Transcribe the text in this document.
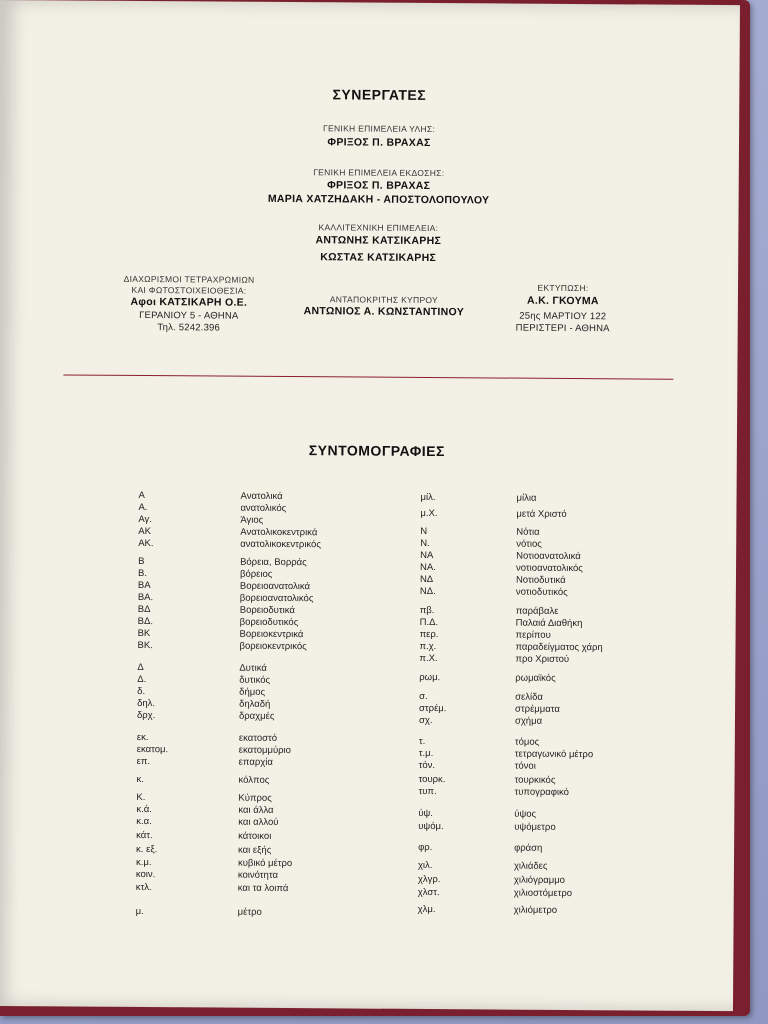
ΣΥΝΕΡΓΑΤΕΣ
ΓΕΝΙΚΗ ΕΠΙΜΕΛΕΙΑ ΥΛΗΣ:
ΦΡΙΞΟΣ Π. ΒΡΑΧΑΣ
ΓΕΝΙΚΗ ΕΠΙΜΕΛΕΙΑ ΕΚΔΟΣΗΣ:
ΦΡΙΞΟΣ Π. ΒΡΑΧΑΣ
ΜΑΡΙΑ ΧΑΤΖΗΔΑΚΗ - ΑΠΟΣΤΟΛΟΠΟΥΛΟΥ
ΚΑΛΛΙΤΕΧΝΙΚΗ ΕΠΙΜΕΛΕΙΑ:
ΑΝΤΩΝΗΣ ΚΑΤΣΙΚΑΡΗΣ
ΚΩΣΤΑΣ ΚΑΤΣΙΚΑΡΗΣ
ΔΙΑΧΩΡΙΣΜΟΙ ΤΕΤΡΑΧΡΩΜΙΩΝ
ΚΑΙ ΦΩΤΟΣΤΟΙΧΕΙΟΘΕΣΙΑ:
Αφοι ΚΑΤΣΙΚΑΡΗ Ο.Ε.
ΓΕΡΑΝΙΟΥ 5 - ΑΘΗΝΑ
Τηλ. 5242.396
ΑΝΤΑΠΟΚΡΙΤΗΣ ΚΥΠΡΟΥ
ΑΝΤΩΝΙΟΣ Α. ΚΩΝΣΤΑΝΤΙΝΟΥ
ΕΚΤΥΠΩΣΗ:
Α.Κ. ΓΚΟΥΜΑ
25ης ΜΑΡΤΙΟΥ 122
ΠΕΡΙΣΤΕΡΙ - ΑΘΗΝΑ
ΣΥΝΤΟΜΟΓΡΑΦΙΕΣ
Α	Ανατολικά
Α.	ανατολικός
Αγ.	Άγιος
ΑΚ	Ανατολικοκεντρικά
ΑΚ.	ανατολικοκεντρικός
Β	Βόρεια, Βορράς
Β.	βόρειος
ΒΑ	Βορειοανατολικά
ΒΑ.	βορειοανατολικός
ΒΔ	Βορειοδυτικά
ΒΔ.	βορειοδυτικός
ΒΚ	Βορειοκεντρικά
ΒΚ.	βορειοκεντρικός
Δ	Δυτικά
Δ.	δυτικός
δ.	δήμος
δηλ.	δηλαδή
δρχ.	δραχμές
εκ.	εκατοστό
εκατομ.	εκατομμύριο
επ.	επαρχία
κ.	κόλπος
Κ.	Κύπρος
κ.ά.	και άλλα
κ.α.	και αλλού
κάτ.	κάτοικοι
κ. εξ.	και εξής
κ.μ.	κυβικό μέτρο
κοιν.	κοινότητα
κτλ.	και τα λοιπά
μ.	μέτρο
μίλ.	μίλια
μ.Χ.	μετά Χριστό
Ν	Νότια
Ν.	νότιος
ΝΑ	Νοτιοανατολικά
ΝΑ.	νοτιοανατολικός
ΝΔ	Νοτιοδυτικά
ΝΔ.	νοτιοδυτικός
πβ.	παράβαλε
Π.Δ.	Παλαιά Διαθήκη
περ.	περίπου
π.χ.	παραδείγματος χάρη
π.Χ.	προ Χριστού
ρωμ.	ρωμαϊκός
σ.	σελίδα
στρέμ.	στρέμματα
σχ.	σχήμα
τ.	τόμος
τ.μ.	τετραγωνικό μέτρο
τόν.	τόνοι
τουρκ.	τουρκικός
τυπ.	τυπογραφικό
ύψ.	ύψος
υψόμ.	υψόμετρο
φρ.	φράση
χιλ.	χιλιάδες
χλγρ.	χιλιόγραμμο
χλστ.	χιλιοστόμετρο
χλμ.	χιλιόμετρο
